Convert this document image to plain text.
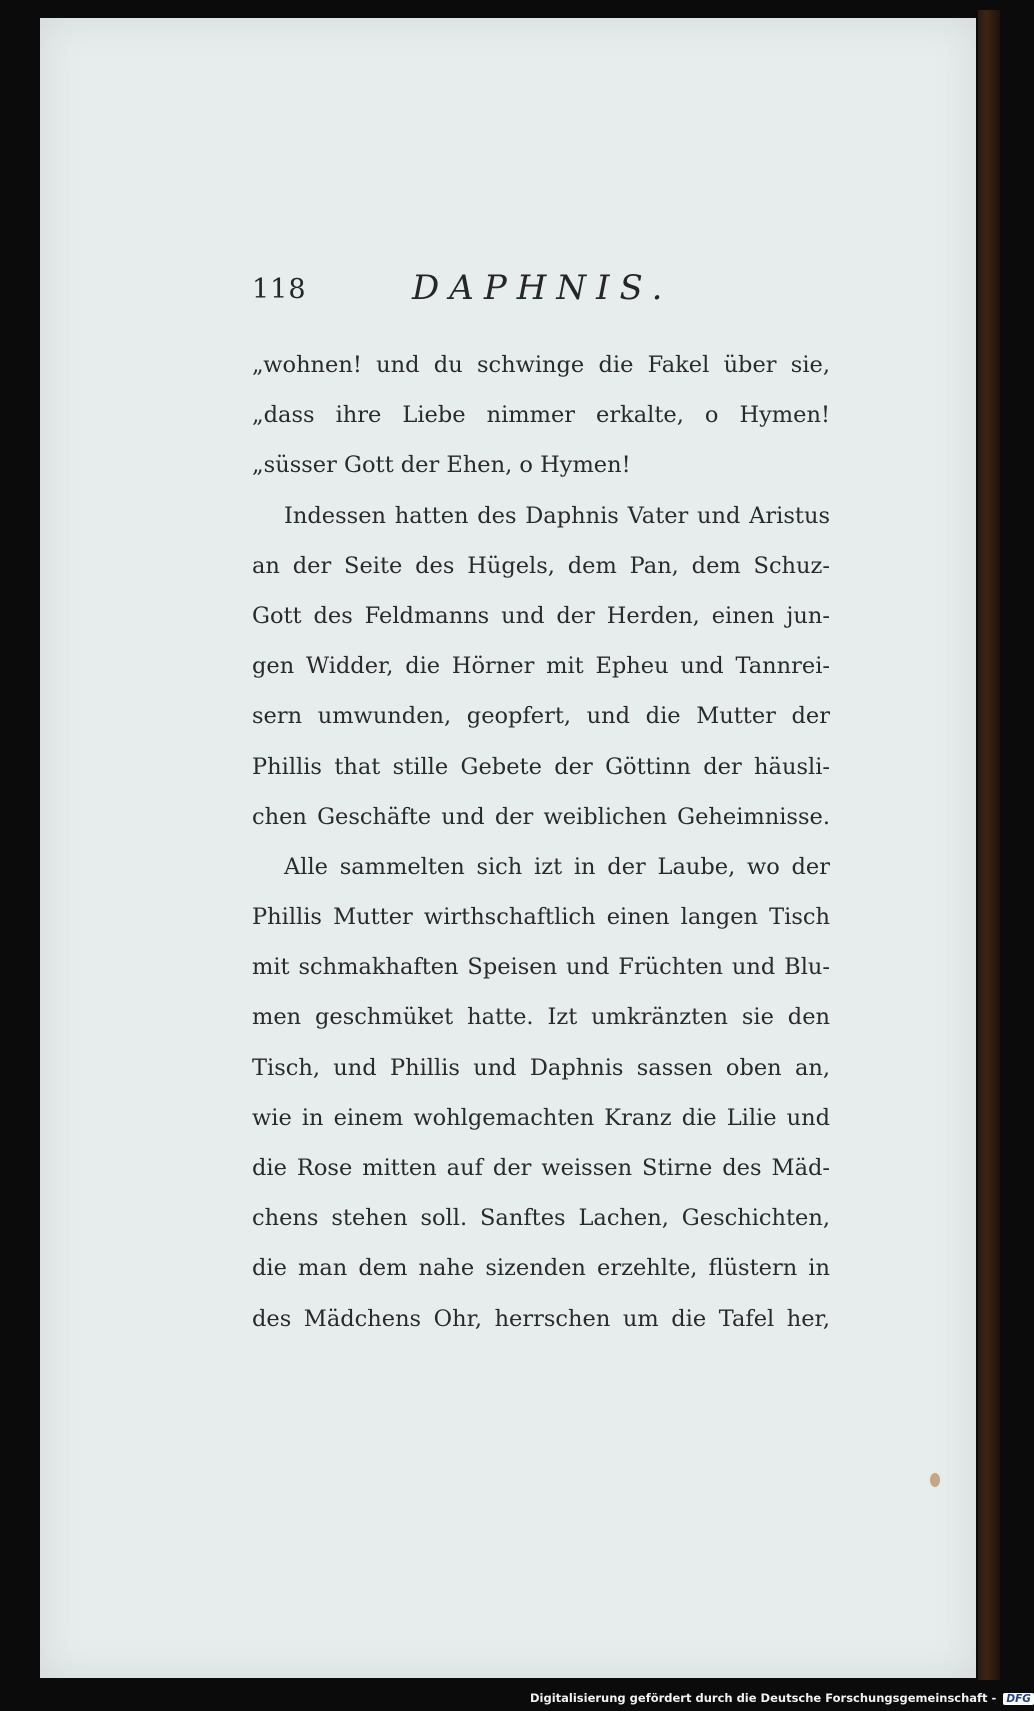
118	DAPHNIS.
„wohnen! und du schwinge die Fakel über sie,
„dass ihre Liebe nimmer erkalte, o Hymen!
„süsser Gott der Ehen, o Hymen!
Indessen hatten des Daphnis Vater und Aristus
an der Seite des Hügels, dem Pan, dem Schuz-
Gott des Feldmanns und der Herden, einen jun-
gen Widder, die Hörner mit Epheu und Tannrei-
sern umwunden, geopfert, und die Mutter der
Phillis that stille Gebete der Göttinn der häusli-
chen Geschäfte und der weiblichen Geheimnisse.
Alle sammelten sich izt in der Laube, wo der
Phillis Mutter wirthschaftlich einen langen Tisch
mit schmakhaften Speisen und Früchten und Blu-
men geschmüket hatte. Izt umkränzten sie den
Tisch, und Phillis und Daphnis sassen oben an,
wie in einem wohlgemachten Kranz die Lilie und
die Rose mitten auf der weissen Stirne des Mäd-
chens stehen soll. Sanftes Lachen, Geschichten,
die man dem nahe sizenden erzehlte, flüstern in
des Mädchens Ohr, herrschen um die Tafel her,
Digitalisierung gefördert durch die Deutsche Forschungsgemeinschaft - DFG
